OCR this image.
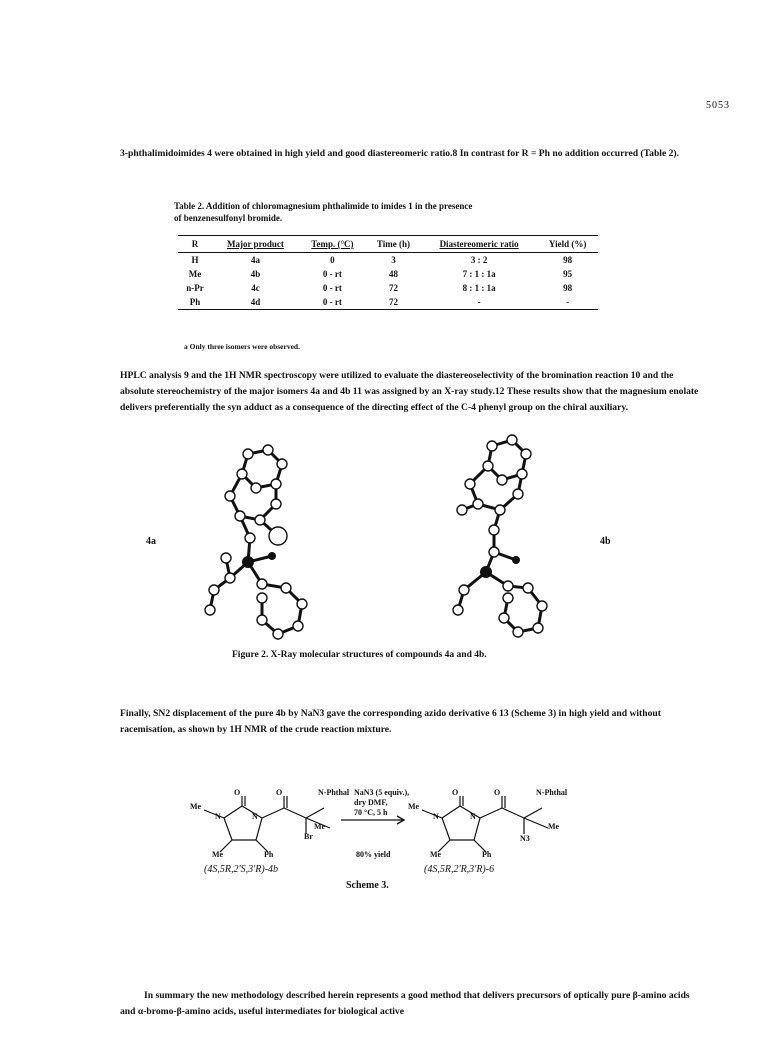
5053
3-phthalimidoimides 4 were obtained in high yield and good diastereomeric ratio.8 In contrast for R = Ph no addition occurred (Table 2).
Table 2. Addition of chloromagnesium phthalimide to imides 1 in the presence
of benzenesulfonyl bromide.
R	Major product	Temp. (°C)	Time (h)	Diastereomeric ratio	Yield (%)
H	4a	0	3	3 : 2	98
Me	4b	0 - rt	48	7 : 1 : 1a	95
n-Pr	4c	0 - rt	72	8 : 1 : 1a	98
Ph	4d	0 - rt	72	-	-
a Only three isomers were observed.
HPLC analysis 9 and the 1H NMR spectroscopy were utilized to evaluate the diastereoselectivity of the bromination reaction 10 and the absolute stereochemistry of the major isomers 4a and 4b 11 was assigned by an X-ray study.12 These results show that the magnesium enolate delivers preferentially the syn adduct as a consequence of the directing effect of the C-4 phenyl group on the chiral auxiliary.
4a	4b
Figure 2. X-Ray molecular structures of compounds 4a and 4b.
Finally, SN2 displacement of the pure 4b by NaN3 gave the corresponding azido derivative 6 13 (Scheme 3) in high yield and without racemisation, as shown by 1H NMR of the crude reaction mixture.
O	O	N-Phthal
Me
N	N
Me
Br
Me	Ph
O	O	N-Phthal
Me
N	N
Me
N3
Me	Ph
NaN3 (5 equiv.),
dry DMF,
70 °C, 5 h
80% yield
(4S,5R,2'S,3'R)-4b	(4S,5R,2'R,3'R)-6
Scheme 3.
In summary the new methodology described herein represents a good method that delivers precursors of optically pure β-amino acids and α-bromo-β-amino acids, useful intermediates for biological active
